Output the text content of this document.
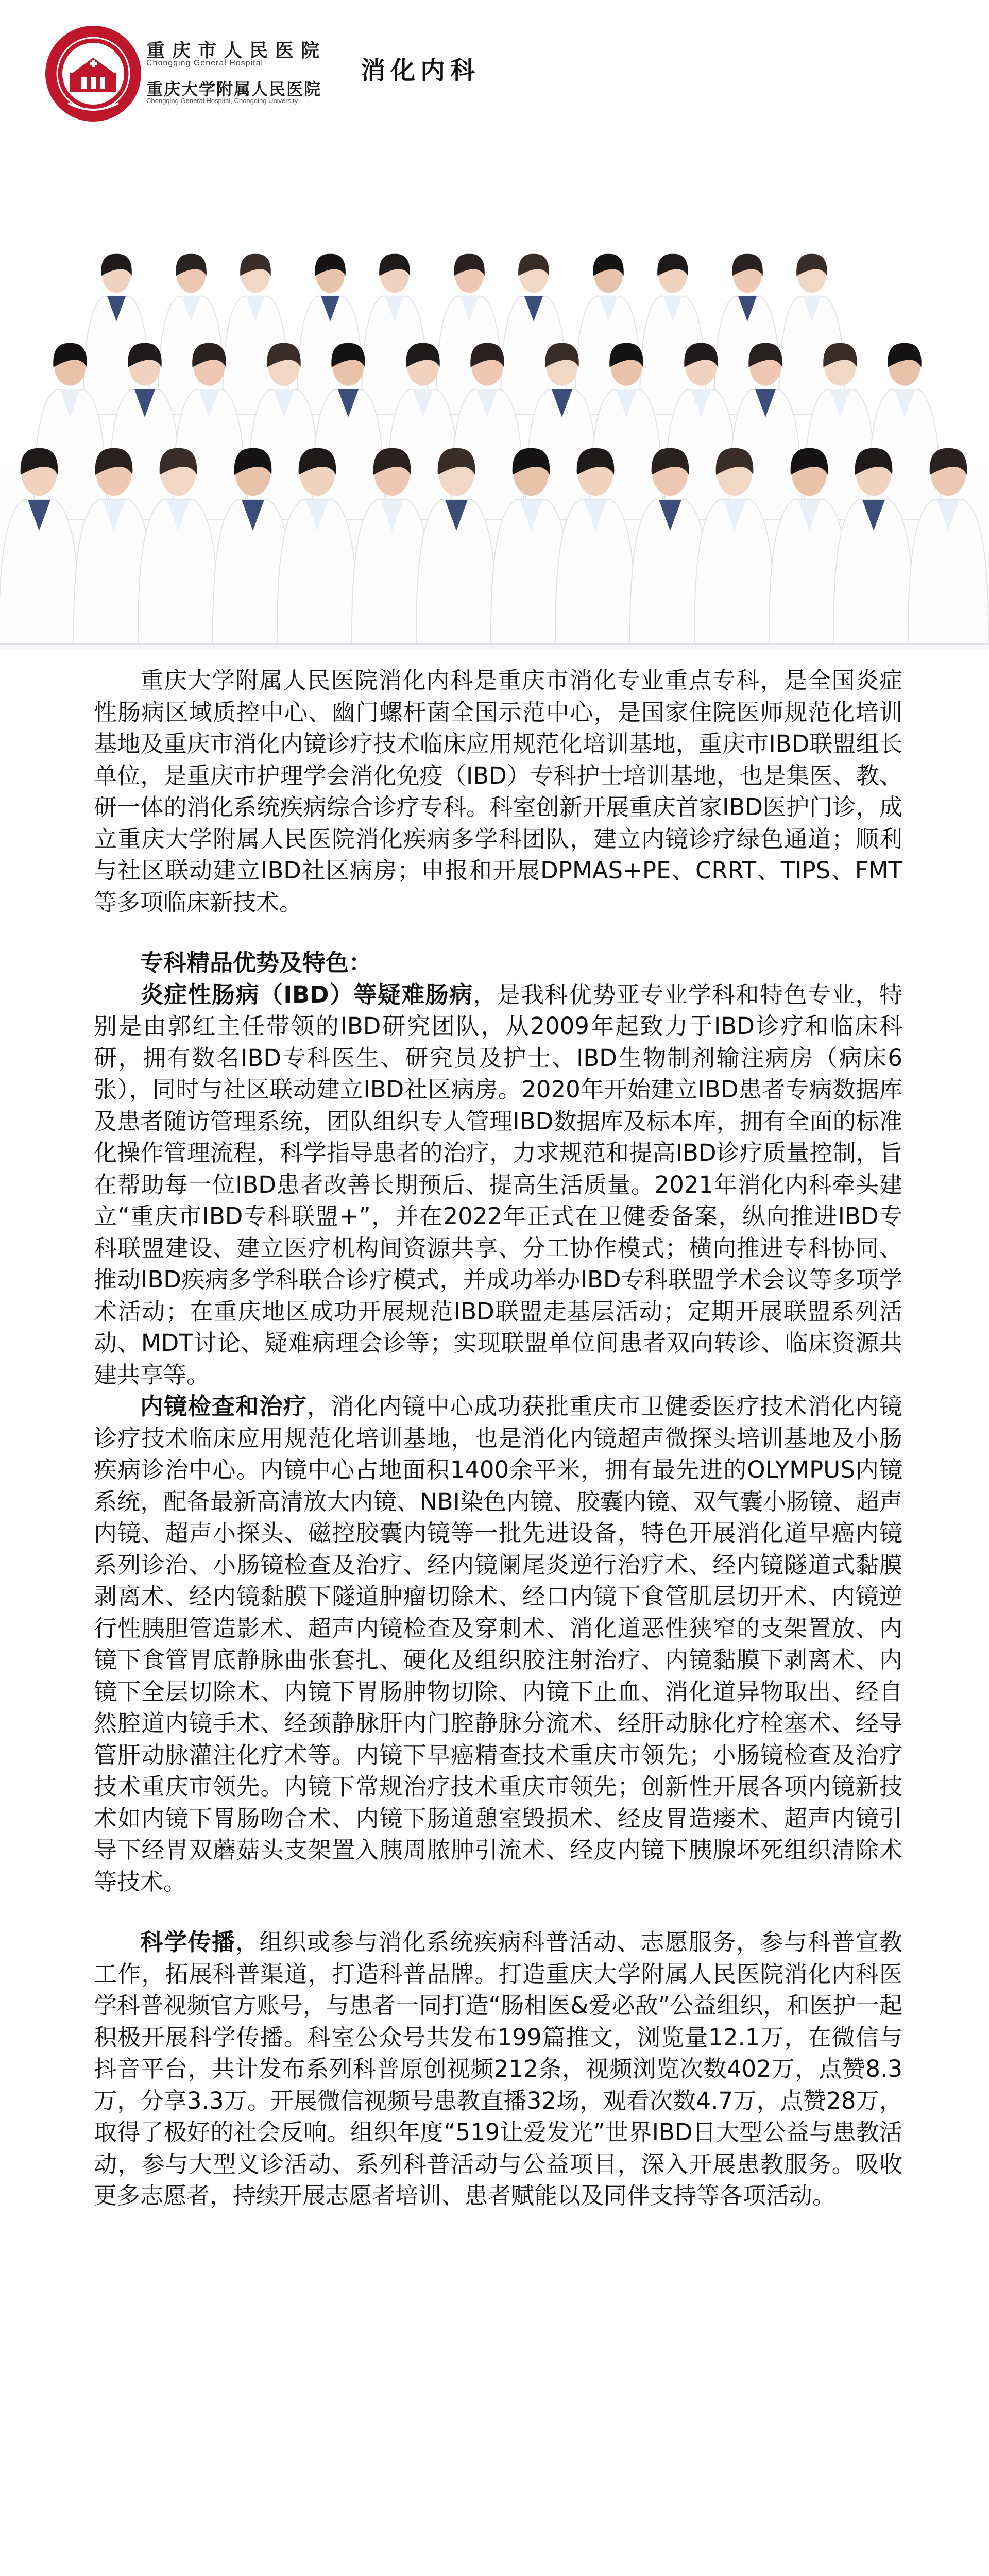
重庆市人民医院
Chongqing General Hospital
重庆大学附属人民医院
Chongqing General Hospital, Chongqing University
消化内科

重庆大学附属人民医院消化内科是重庆市消化专业重点专科，是全国炎症性肠病区域质控中心、幽门螺杆菌全国示范中心，是国家住院医师规范化培训基地及重庆市消化内镜诊疗技术临床应用规范化培训基地，重庆市IBD联盟组长单位，是重庆市护理学会消化免疫（IBD）专科护士培训基地，也是集医、教、研一体的消化系统疾病综合诊疗专科。科室创新开展重庆首家IBD医护门诊，成立重庆大学附属人民医院消化疾病多学科团队，建立内镜诊疗绿色通道；顺利与社区联动建立IBD社区病房；申报和开展DPMAS+PE、CRRT、TIPS、FMT等多项临床新技术。

专科精品优势及特色：

炎症性肠病（IBD）等疑难肠病，是我科优势亚专业学科和特色专业，特别是由郭红主任带领的IBD研究团队，从2009年起致力于IBD诊疗和临床科研，拥有数名IBD专科医生、研究员及护士、IBD生物制剂输注病房（病床6张），同时与社区联动建立IBD社区病房。2020年开始建立IBD患者专病数据库及患者随访管理系统，团队组织专人管理IBD数据库及标本库，拥有全面的标准化操作管理流程，科学指导患者的治疗，力求规范和提高IBD诊疗质量控制，旨在帮助每一位IBD患者改善长期预后、提高生活质量。2021年消化内科牵头建立“重庆市IBD专科联盟+”，并在2022年正式在卫健委备案，纵向推进IBD专科联盟建设、建立医疗机构间资源共享、分工协作模式；横向推进专科协同、推动IBD疾病多学科联合诊疗模式，并成功举办IBD专科联盟学术会议等多项学术活动；在重庆地区成功开展规范IBD联盟走基层活动；定期开展联盟系列活动、MDT讨论、疑难病理会诊等；实现联盟单位间患者双向转诊、临床资源共建共享等。

内镜检查和治疗，消化内镜中心成功获批重庆市卫健委医疗技术消化内镜诊疗技术临床应用规范化培训基地，也是消化内镜超声微探头培训基地及小肠疾病诊治中心。内镜中心占地面积1400余平米，拥有最先进的OLYMPUS内镜系统，配备最新高清放大内镜、NBI染色内镜、胶囊内镜、双气囊小肠镜、超声内镜、超声小探头、磁控胶囊内镜等一批先进设备，特色开展消化道早癌内镜系列诊治、小肠镜检查及治疗、经内镜阑尾炎逆行治疗术、经内镜隧道式黏膜剥离术、经内镜黏膜下隧道肿瘤切除术、经口内镜下食管肌层切开术、内镜逆行性胰胆管造影术、超声内镜检查及穿刺术、消化道恶性狭窄的支架置放、内镜下食管胃底静脉曲张套扎、硬化及组织胶注射治疗、内镜黏膜下剥离术、内镜下全层切除术、内镜下胃肠肿物切除、内镜下止血、消化道异物取出、经自然腔道内镜手术、经颈静脉肝内门腔静脉分流术、经肝动脉化疗栓塞术、经导管肝动脉灌注化疗术等。内镜下早癌精查技术重庆市领先；小肠镜检查及治疗技术重庆市领先。内镜下常规治疗技术重庆市领先；创新性开展各项内镜新技术如内镜下胃肠吻合术、内镜下肠道憩室毁损术、经皮胃造瘘术、超声内镜引导下经胃双蘑菇头支架置入胰周脓肿引流术、经皮内镜下胰腺坏死组织清除术等技术。

科学传播，组织或参与消化系统疾病科普活动、志愿服务，参与科普宣教工作，拓展科普渠道，打造科普品牌。打造重庆大学附属人民医院消化内科医学科普视频官方账号，与患者一同打造“肠相医&爱必敌”公益组织，和医护一起积极开展科学传播。科室公众号共发布199篇推文，浏览量12.1万，在微信与抖音平台，共计发布系列科普原创视频212条，视频浏览次数402万，点赞8.3万，分享3.3万。开展微信视频号患教直播32场，观看次数4.7万，点赞28万，取得了极好的社会反响。组织年度“519让爱发光”世界IBD日大型公益与患教活动，参与大型义诊活动、系列科普活动与公益项目，深入开展患教服务。吸收更多志愿者，持续开展志愿者培训、患者赋能以及同伴支持等各项活动。
